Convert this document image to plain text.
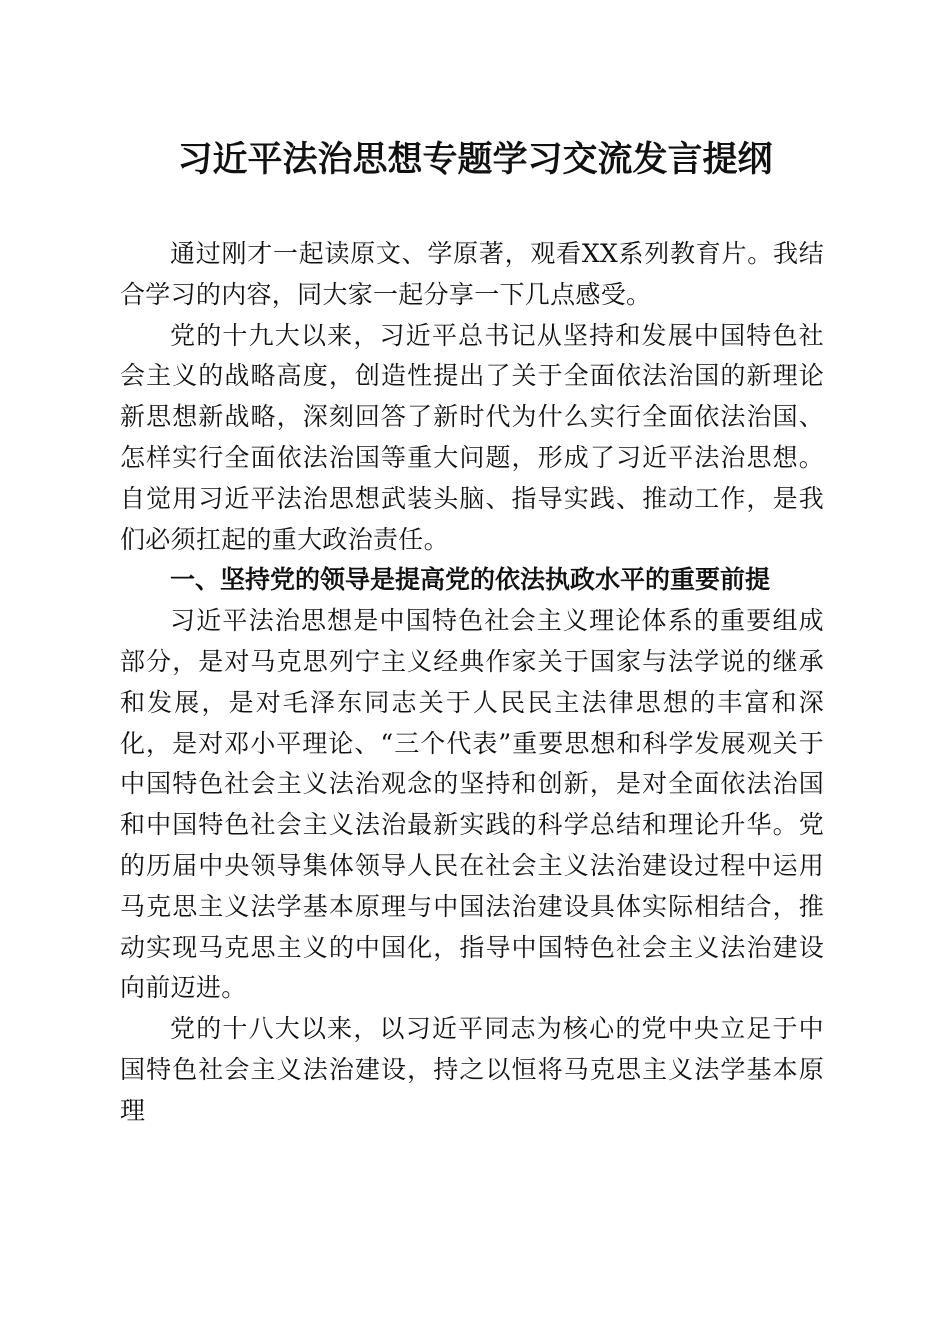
习近平法治思想专题学习交流发言提纲

通过刚才一起读原文、学原著，观看XX系列教育片。我结合学习的内容，同大家一起分享一下几点感受。

党的十九大以来，习近平总书记从坚持和发展中国特色社会主义的战略高度，创造性提出了关于全面依法治国的新理论新思想新战略，深刻回答了新时代为什么实行全面依法治国、怎样实行全面依法治国等重大问题，形成了习近平法治思想。自觉用习近平法治思想武装头脑、指导实践、推动工作，是我们必须扛起的重大政治责任。

一、坚持党的领导是提高党的依法执政水平的重要前提

习近平法治思想是中国特色社会主义理论体系的重要组成部分，是对马克思列宁主义经典作家关于国家与法学说的继承和发展，是对毛泽东同志关于人民民主法律思想的丰富和深化，是对邓小平理论、“三个代表”重要思想和科学发展观关于中国特色社会主义法治观念的坚持和创新，是对全面依法治国和中国特色社会主义法治最新实践的科学总结和理论升华。党的历届中央领导集体领导人民在社会主义法治建设过程中运用马克思主义法学基本原理与中国法治建设具体实际相结合，推动实现马克思主义的中国化，指导中国特色社会主义法治建设向前迈进。

党的十八大以来，以习近平同志为核心的党中央立足于中国特色社会主义法治建设，持之以恒将马克思主义法学基本原理
